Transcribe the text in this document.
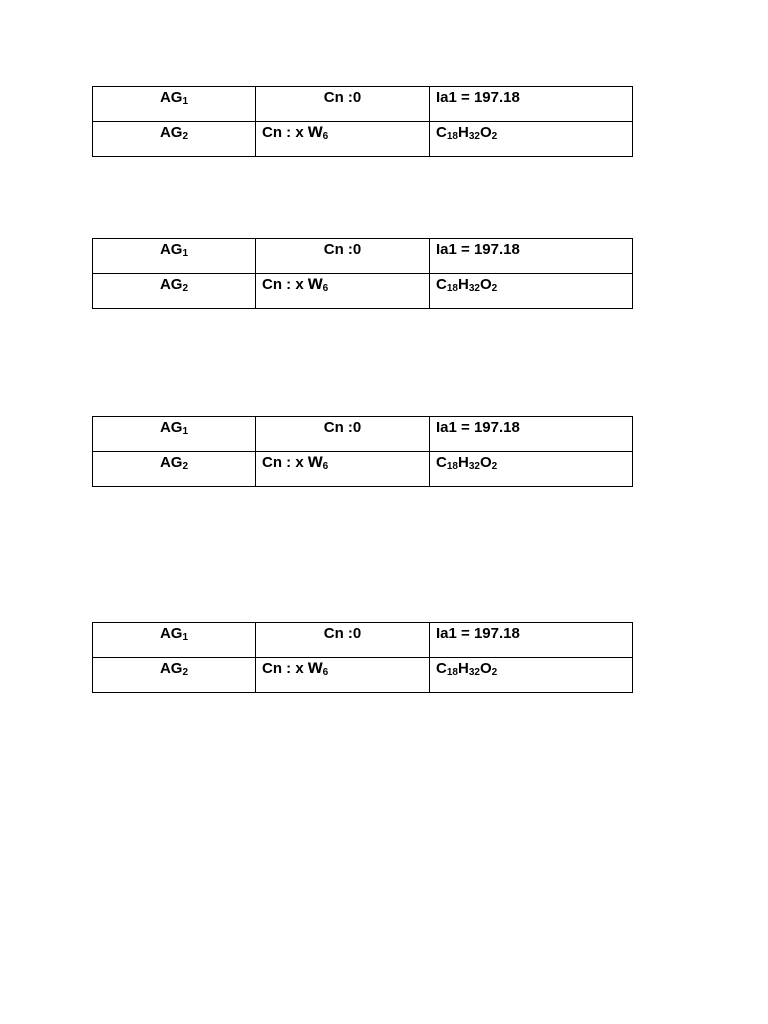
$AG_1$	Cn :0	Ia1 = 197.18
$AG_2$	Cn : x $w_6$	$C_{18}H_{32}O_2$
$AG_1$	Cn :0	Ia1 = 197.18
$AG_2$	Cn : x $w_6$	$C_{18}H_{32}O_2$
$AG_1$	Cn :0	Ia1 = 197.18
$AG_2$	Cn : x $w_6$	$C_{18}H_{32}O_2$
$AG_1$	Cn :0	Ia1 = 197.18
$AG_2$	Cn : x $w_6$	$C_{18}H_{32}O_2$
